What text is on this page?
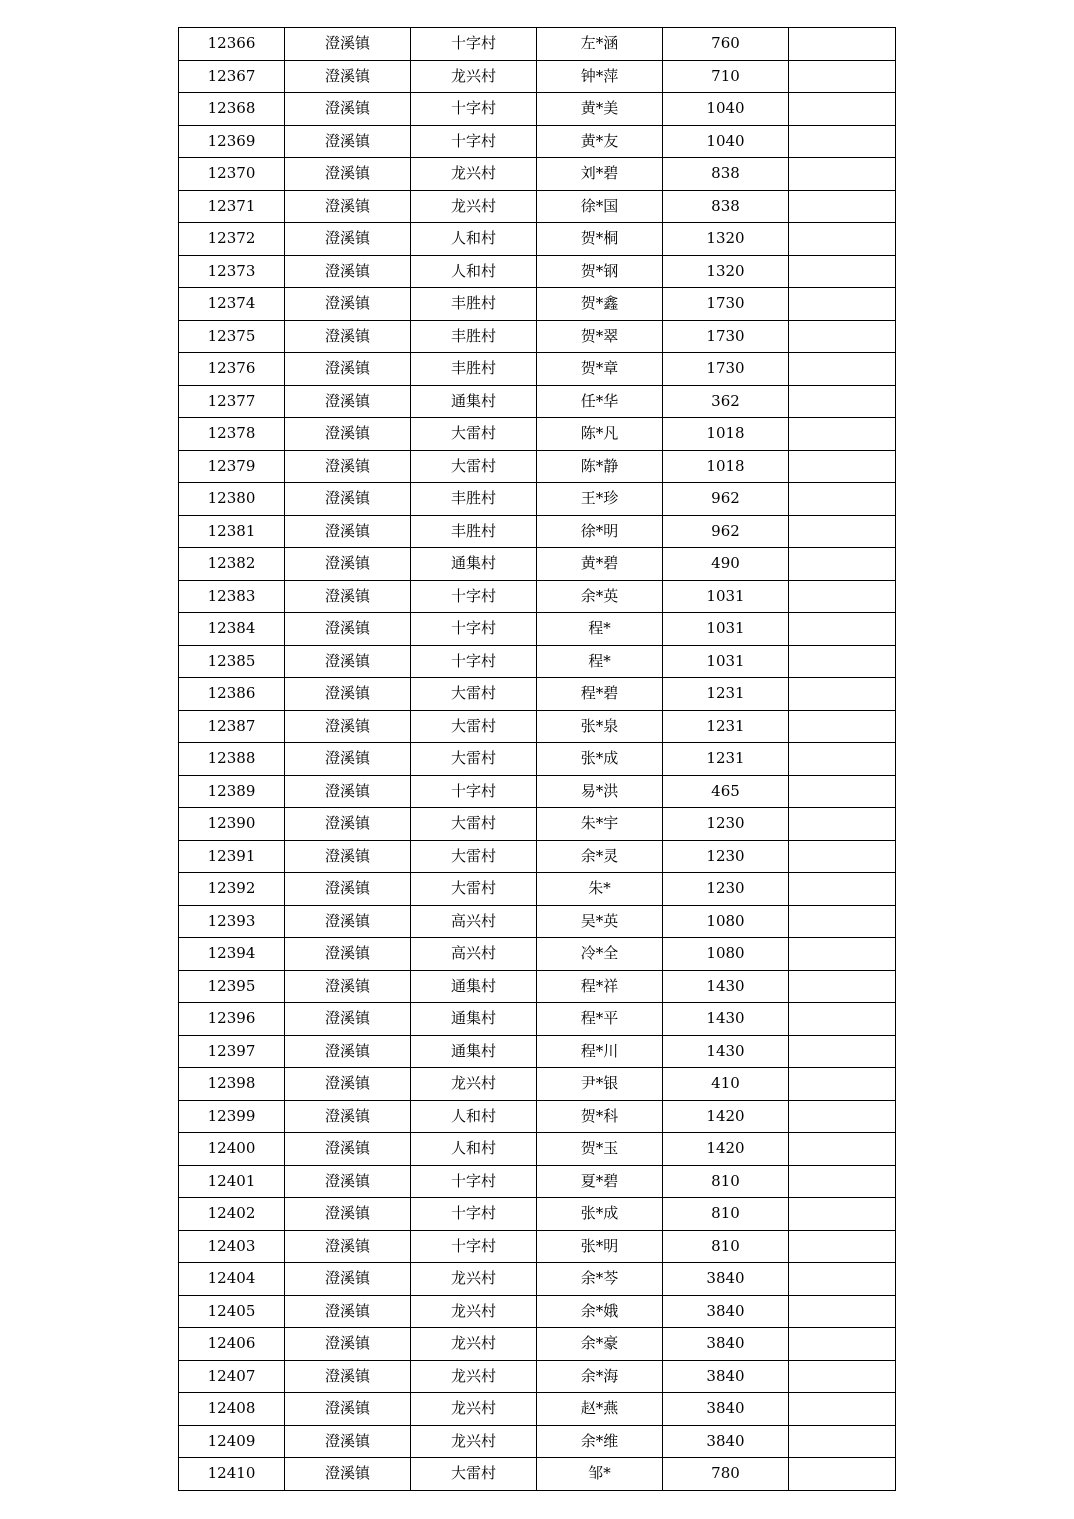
12366	澄溪镇	十字村	左*涵	760	
12367	澄溪镇	龙兴村	钟*萍	710	
12368	澄溪镇	十字村	黄*美	1040	
12369	澄溪镇	十字村	黄*友	1040	
12370	澄溪镇	龙兴村	刘*碧	838	
12371	澄溪镇	龙兴村	徐*国	838	
12372	澄溪镇	人和村	贺*桐	1320	
12373	澄溪镇	人和村	贺*钢	1320	
12374	澄溪镇	丰胜村	贺*鑫	1730	
12375	澄溪镇	丰胜村	贺*翠	1730	
12376	澄溪镇	丰胜村	贺*章	1730	
12377	澄溪镇	通集村	任*华	362	
12378	澄溪镇	大雷村	陈*凡	1018	
12379	澄溪镇	大雷村	陈*静	1018	
12380	澄溪镇	丰胜村	王*珍	962	
12381	澄溪镇	丰胜村	徐*明	962	
12382	澄溪镇	通集村	黄*碧	490	
12383	澄溪镇	十字村	余*英	1031	
12384	澄溪镇	十字村	程*	1031	
12385	澄溪镇	十字村	程*	1031	
12386	澄溪镇	大雷村	程*碧	1231	
12387	澄溪镇	大雷村	张*泉	1231	
12388	澄溪镇	大雷村	张*成	1231	
12389	澄溪镇	十字村	易*洪	465	
12390	澄溪镇	大雷村	朱*宇	1230	
12391	澄溪镇	大雷村	余*灵	1230	
12392	澄溪镇	大雷村	朱*	1230	
12393	澄溪镇	高兴村	吴*英	1080	
12394	澄溪镇	高兴村	冷*全	1080	
12395	澄溪镇	通集村	程*祥	1430	
12396	澄溪镇	通集村	程*平	1430	
12397	澄溪镇	通集村	程*川	1430	
12398	澄溪镇	龙兴村	尹*银	410	
12399	澄溪镇	人和村	贺*科	1420	
12400	澄溪镇	人和村	贺*玉	1420	
12401	澄溪镇	十字村	夏*碧	810	
12402	澄溪镇	十字村	张*成	810	
12403	澄溪镇	十字村	张*明	810	
12404	澄溪镇	龙兴村	余*芩	3840	
12405	澄溪镇	龙兴村	余*娥	3840	
12406	澄溪镇	龙兴村	余*豪	3840	
12407	澄溪镇	龙兴村	余*海	3840	
12408	澄溪镇	龙兴村	赵*燕	3840	
12409	澄溪镇	龙兴村	余*维	3840	
12410	澄溪镇	大雷村	邹*	780	
